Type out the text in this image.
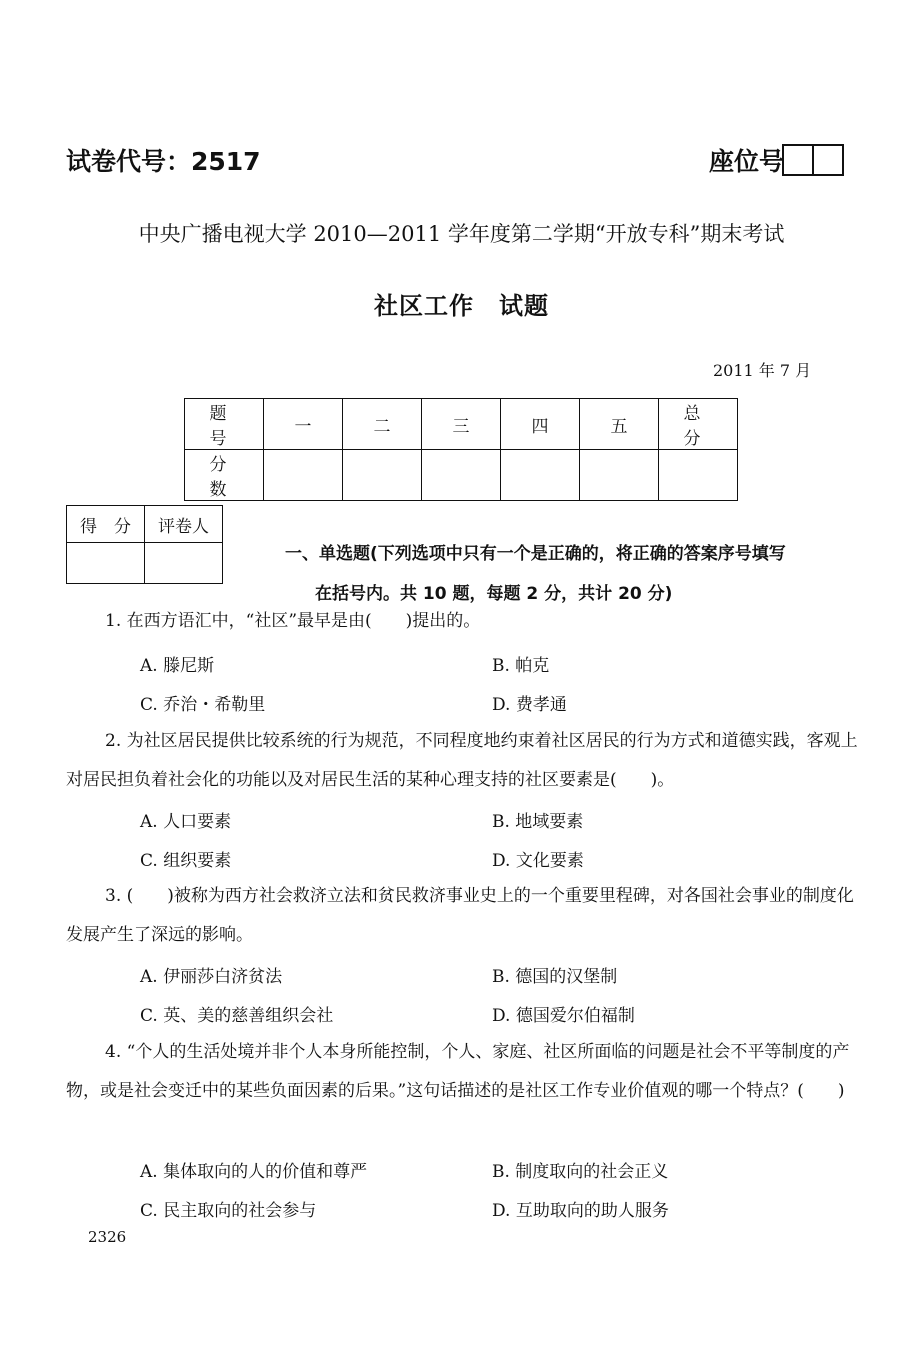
试卷代号：2517	座位号
中央广播电视大学 2010—2011 学年度第二学期“开放专科”期末考试
社区工作　试题
2011 年 7 月
题　号	一	二	三	四	五	总　分
分　数						
得　分	评卷人

一、单选题(下列选项中只有一个是正确的，将正确的答案序号填写
在括号内。共 10 题，每题 2 分，共计 20 分)
1. 在西方语汇中，“社区”最早是由(　　)提出的。
A. 滕尼斯	B. 帕克
C. 乔治・希勒里	D. 费孝通
2. 为社区居民提供比较系统的行为规范，不同程度地约束着社区居民的行为方式和道德实践，客观上对居民担负着社会化的功能以及对居民生活的某种心理支持的社区要素是(　　)。
A. 人口要素	B. 地域要素
C. 组织要素	D. 文化要素
3. (　　)被称为西方社会救济立法和贫民救济事业史上的一个重要里程碑，对各国社会事业的制度化发展产生了深远的影响。
A. 伊丽莎白济贫法	B. 德国的汉堡制
C. 英、美的慈善组织会社	D. 德国爱尔伯福制
4. “个人的生活处境并非个人本身所能控制，个人、家庭、社区所面临的问题是社会不平等制度的产物，或是社会变迁中的某些负面因素的后果。”这句话描述的是社区工作专业价值观的哪一个特点？(　　)
A. 集体取向的人的价值和尊严	B. 制度取向的社会正义
C. 民主取向的社会参与	D. 互助取向的助人服务
2326
